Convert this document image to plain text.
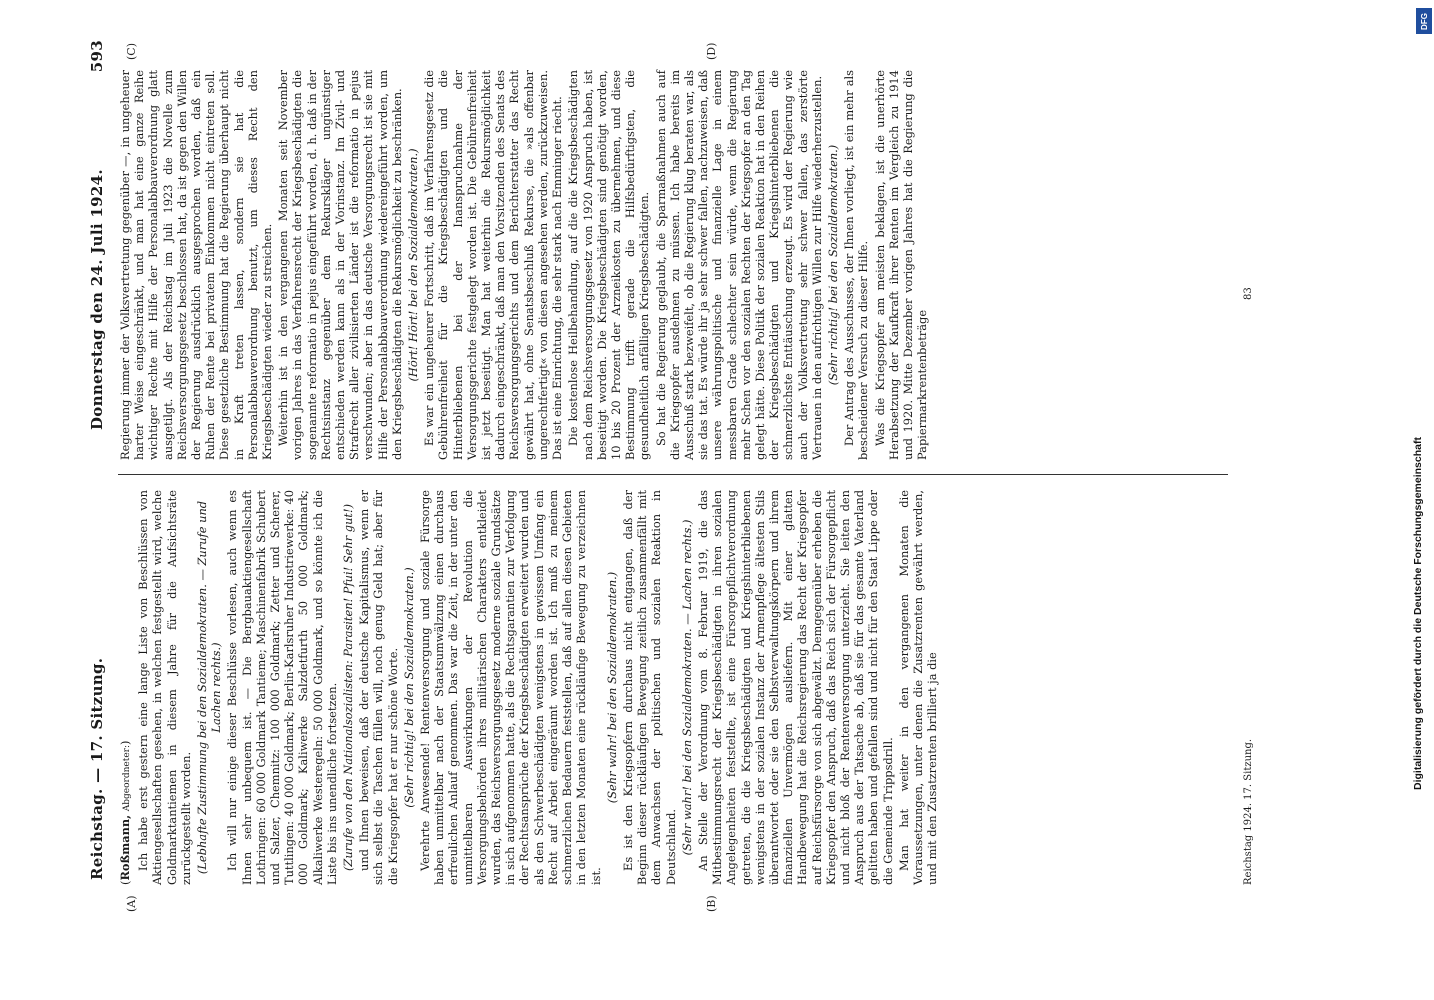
Reichstag. — 17. Sitzung.
Donnerstag den 24. Juli 1924.
593
(A)	(B)
(C)	(D)

(Roßmann, Abgeordneter:) Ich habe erst gestern eine lange Liste von Beschlüssen von Aktiengesellschaften gesehen, in welchen festgestellt wird, welche Goldmarktantiemen in diesem Jahre für die Aufsichtsräte zurückgestellt worden. (Lebhafte Zustimmung bei den Sozialdemokraten. — Zurufe und Lachen rechts.) Ich will nur einige dieser Beschlüsse vorlesen, auch wenn es Ihnen sehr unbequem ist. — Die Bergbauaktiengesellschaft Lothringen: 60 000 Goldmark Tantieme; Maschinenfabrik Schubert und Salzer, Chemnitz: 100 000 Goldmark; Zetter und Scherer, Tuttlingen: 40 000 Goldmark; Berlin-Karlsruher Industriewerke: 40 000 Goldmark; Kaliwerke Salzdetfurth 50 000 Goldmark; Alkaliwerke Westeregeln: 50 000 Goldmark, und so könnte ich die Liste bis ins unendliche fortsetzen. (Zurufe von den Nationalsozialisten: Parasiten! Pfui! Sehr gut!) und Ihnen beweisen, daß der deutsche Kapitalismus, wenn er sich selbst die Taschen füllen will, noch genug Geld hat; aber für die Kriegsopfer hat er nur schöne Worte. (Sehr richtig! bei den Sozialdemokraten.) Verehrte Anwesende! Rentenversorgung und soziale Fürsorge haben unmittelbar nach der Staatsumwälzung einen durchaus erfreulichen Anlauf genommen. Das war die Zeit, in der unter den unmittelbaren Auswirkungen der Revolution die Versorgungsbehörden ihres militärischen Charakters entkleidet wurden, das Reichsversorgungsgesetz moderne soziale Grundsätze in sich aufgenommen hatte, als die Rechtsgarantien zur Verfolgung der Rechtsansprüche der Kriegsbeschädigten erweitert wurden und als den Schwerbeschädigten wenigstens in gewissem Umfang ein Recht auf Arbeit eingeräumt worden ist. Ich muß zu meinem schmerzlichen Bedauern feststellen, daß auf allen diesen Gebieten in den letzten Monaten eine rückläufige Bewegung zu verzeichnen ist.

(Sehr wahr! bei den Sozialdemokraten.) Es ist den Kriegsopfern durchaus nicht entgangen, daß der Beginn dieser rückläufigen Bewegung zeitlich zusammenfällt mit dem Anwachsen der politischen und sozialen Reaktion in Deutschland. (Sehr wahr! bei den Sozialdemokraten. — Lachen rechts.) An Stelle der Verordnung vom 8. Februar 1919, die das Mitbestimmungsrecht der Kriegsbeschädigten in ihren sozialen Angelegenheiten feststellte, ist eine Fürsorgepflichtverordnung getreten, die die Kriegsbeschädigten und Kriegshinterbliebenen wenigstens in der sozialen Instanz der Armenpflege ältesten Stils überantwortet oder sie den Selbstverwaltungskörpern und ihrem finanziellen Unvermögen ausliefern. Mit einer glatten Handbewegung hat die Reichsregierung das Recht der Kriegsopfer auf Reichsfürsorge von sich abgewälzt. Demgegenüber erheben die Kriegsopfer den Anspruch, daß das Reich sich der Fürsorgepflicht und nicht bloß der Rentenversorgung unterzieht. Sie leiten den Anspruch aus der Tatsache ab, daß sie für das gesamte Vaterland gelitten haben und gefallen sind und nicht für den Staat Lippe oder die Gemeinde Trippsdrill. Man hat weiter in den vergangenen Monaten die Voraussetzungen, unter denen die Zusatzrenten gewährt werden, und mit den Zusatzrenten brilliert ja die

Regierung immer der Volksvertretung gegenüber —, in ungeheuer harter Weise eingeschränkt, und man hat eine ganze Reihe wichtiger Rechte mit Hilfe der Personalabbauverordnung glatt ausgetilgt. Als der Reichstag im Juli 1923 die Novelle zum Reichsversorgungsgesetz beschlossen hat, da ist gegen den Willen der Regierung ausdrücklich ausgesprochen worden, daß ein Ruhen der Rente bei privatem Einkommen nicht eintreten soll. Diese gesetzliche Bestimmung hat die Regierung überhaupt nicht in Kraft treten lassen, sondern sie hat die Personalabbauverordnung benutzt, um dieses Recht den Kriegsbeschädigten wieder zu streichen. Weiterhin ist in den vergangenen Monaten seit November vorigen Jahres in das Verfahrensrecht der Kriegsbeschädigten die sogenannte reformatio in pejus eingeführt worden, d. h. daß in der Rechtsinstanz gegenüber dem Rekurskläger ungünstiger entschieden werden kann als in der Vorinstanz. Im Zivil- und Strafrecht aller zivilisierten Länder ist die reformatio in pejus verschwunden; aber in das deutsche Versorgungsrecht ist sie mit Hilfe der Personalabbauverordnung wiedereingeführt worden, um den Kriegsbeschädigten die Rekursmöglichkeit zu beschränken. (Hört! Hört! bei den Sozialdemokraten.) Es war ein ungeheurer Fortschritt, daß im Verfahrensgesetz die Gebührenfreiheit für die Kriegsbeschädigten und die Hinterbliebenen bei der Inanspruchnahme der Versorgungsgerichte festgelegt worden ist. Die Gebührenfreiheit ist jetzt beseitigt. Man hat weiterhin die Rekursmöglichkeit dadurch eingeschränkt, daß man den Vorsitzenden des Senats des Reichsversorgungsgerichts und dem Berichterstatter das Recht gewährt hat, ohne Senatsbeschluß Rekurse, die »als offenbar ungerechtfertigt« von diesen angesehen werden, zurückzuweisen. Das ist eine Einrichtung, die sehr stark nach Emminger riecht. Die kostenlose Heilbehandlung, auf die die Kriegsbeschädigten nach dem Reichsversorgungsgesetz von 1920 Anspruch haben, ist beseitigt worden. Die Kriegsbeschädigten sind genötigt worden, 10 bis 20 Prozent der Arzneikosten zu übernehmen, und diese Bestimmung trifft gerade die Hilfsbedürftigsten, die gesundheitlich anfälligen Kriegsbeschädigten. So hat die Regierung geglaubt, die Sparmaßnahmen auch auf die Kriegsopfer ausdehnen zu müssen. Ich habe bereits im Ausschuß stark bezweifelt, ob die Regierung klug beraten war, als sie das tat. Es würde ihr ja sehr schwer fallen, nachzuweisen, daß unsere währungspolitische und finanzielle Lage in einem messbaren Grade schlechter sein würde, wenn die Regierung mehr Schen vor den sozialen Rechten der Kriegsopfer an den Tag gelegt hätte. Diese Politik der sozialen Reaktion hat in den Reihen der Kriegsbeschädigten und Kriegshinterbliebenen die schmerzlichste Enttäuschung erzeugt. Es wird der Regierung wie auch der Volksvertretung sehr schwer fallen, das zerstörte Vertrauen in den aufrichtigen Willen zur Hilfe wiederherzustellen. (Sehr richtig! bei den Sozialdemokraten.) Der Antrag des Ausschusses, der Ihnen vorliegt, ist ein mehr als bescheidener Versuch zu dieser Hilfe. Was die Kriegsopfer am meisten beklagen, ist die unerhörte Herabsetzung der Kaufkraft ihrer Renten im Vergleich zu 1914 und 1920. Mitte Dezember vorigen Jahres hat die Regierung die Papiermarkrentenbeträge

Reichstag 1924. 17. Sitzung.
83
DFG
Digitalisierung gefördert durch die Deutsche Forschungsgemeinschaft
